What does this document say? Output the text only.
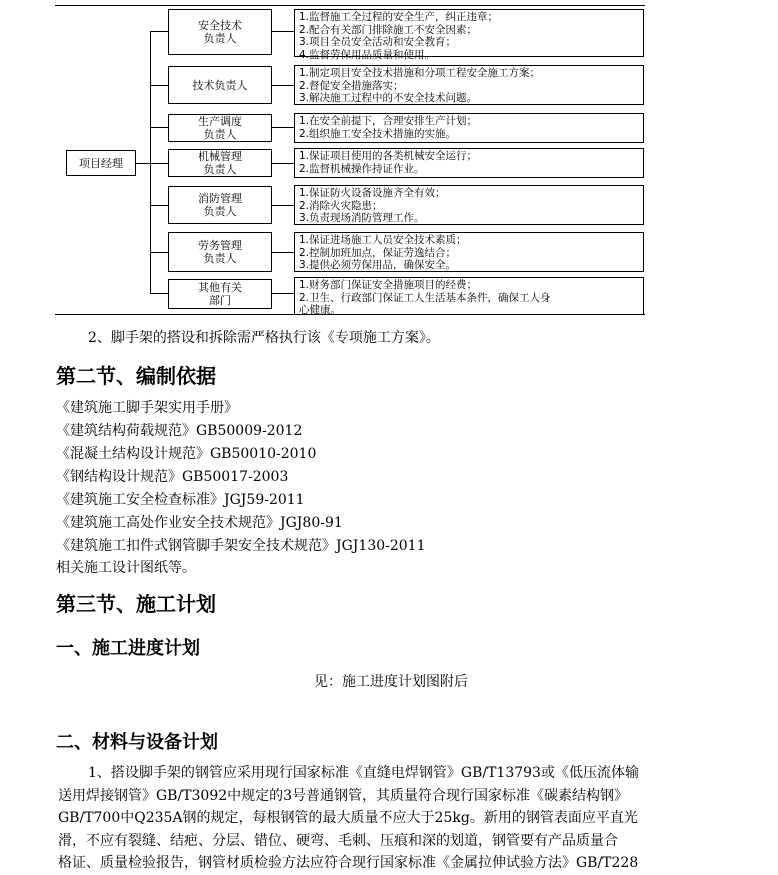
项目经理
安全技术
负责人
1.监督施工全过程的安全生产，纠正违章；
2.配合有关部门排除施工不安全因素；
3.项目全员安全活动和安全教育；
4.监督劳保用品质量和使用。
技术负责人
1.制定项目安全技术措施和分项工程安全施工方案；
2.督促安全措施落实；
3.解决施工过程中的不安全技术问题。
生产调度
负责人
1.在安全前提下，合理安排生产计划；
2.组织施工安全技术措施的实施。
机械管理
负责人
1.保证项目使用的各类机械安全运行；
2.监督机械操作持证作业。
消防管理
负责人
1.保证防火设备设施齐全有效；
2.消除火灾隐患；
3.负责现场消防管理工作。
劳务管理
负责人
1.保证进场施工人员安全技术素质；
2.控制加班加点，保证劳逸结合；
3.提供必须劳保用品，确保安全。
其他有关
部门
1.财务部门保证安全措施项目的经费；
2.卫生、行政部门保证工人生活基本条件，确保工人身
心健康。
2、脚手架的搭设和拆除需严格执行该《专项施工方案》。
第二节、编制依据
《建筑施工脚手架实用手册》
《建筑结构荷载规范》GB50009-2012
《混凝土结构设计规范》GB50010-2010
《钢结构设计规范》GB50017-2003
《建筑施工安全检查标准》JGJ59-2011
《建筑施工高处作业安全技术规范》JGJ80-91
《建筑施工扣件式钢管脚手架安全技术规范》JGJ130-2011
相关施工设计图纸等。
第三节、施工计划
一、施工进度计划
见：施工进度计划图附后
二、材料与设备计划
1、搭设脚手架的钢管应采用现行国家标准《直缝电焊钢管》GB/T13793或《低压流体输
送用焊接钢管》GB/T3092中规定的3号普通钢管，其质量符合现行国家标准《碳素结构钢》
GB/T700中Q235A钢的规定，每根钢管的最大质量不应大于25kg。新用的钢管表面应平直光
滑，不应有裂缝、结疤、分层、错位、硬弯、毛刺、压痕和深的划道，钢管要有产品质量合
格证、质量检验报告，钢管材质检验方法应符合现行国家标准《金属拉伸试验方法》GB/T228
